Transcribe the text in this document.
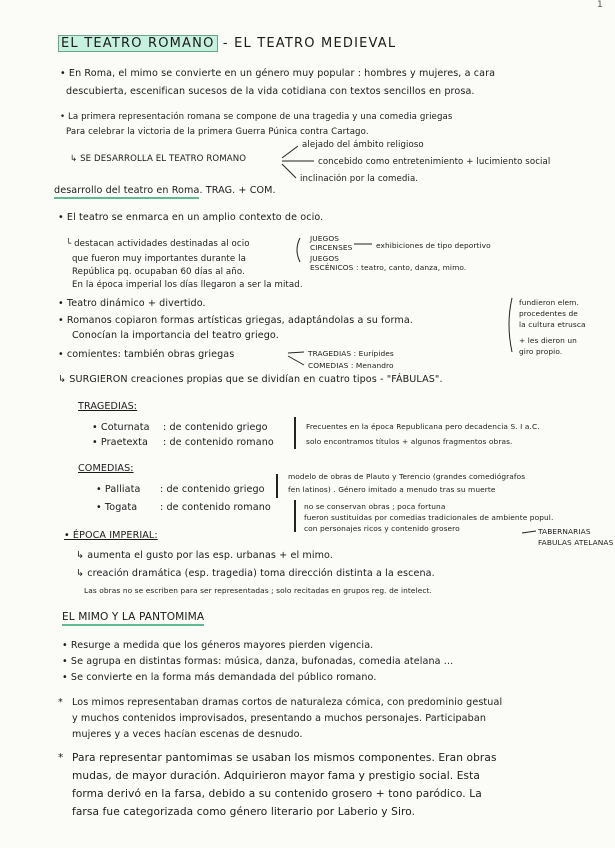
1
EL TEATRO ROMANO - EL TEATRO MEDIEVAL
• En Roma, el mimo se convierte en un género muy popular : hombres y mujeres, a cara
descubierta, escenifican sucesos de la vida cotidiana con textos sencillos en prosa.
• La primera representación romana se compone de una tragedia y una comedia griegas
Para celebrar la victoria de la primera Guerra Púnica contra Cartago.
↳ SE DESARROLLA EL TEATRO ROMANO
alejado del ámbito religioso
concebido como entretenimiento + lucimiento social
inclinación por la comedia.
desarrollo del teatro en Roma. TRAG. + COM.
• El teatro se enmarca en un amplio contexto de ocio.
└ destacan actividades destinadas al ocio
que fueron muy importantes durante la
República pq. ocupaban 60 días al año.
En la época imperial los días llegaron a ser la mitad.
JUEGOS CIRCENSES
JUEGOS ESCÉNICOS
exhibiciones de tipo deportivo
: teatro, canto, danza, mimo.
• Teatro dinámico + divertido.
• Romanos copiaron formas artísticas griegas, adaptándolas a su forma.
Conocían la importancia del teatro griego.
fundieron elem.
procedentes de
la cultura etrusca
+ les dieron un
giro propio.
• comientes: también obras griegas	TRAGEDIAS : Eurípides
COMEDIAS : Menandro
↳ SURGIERON creaciones propias que se dividían en cuatro tipos - "FÁBULAS".
TRAGEDIAS:
• Coturnata : de contenido griego
• Praetexta : de contenido romano
Frecuentes en la época Republicana pero decadencia S. I a.C.
solo encontramos títulos + algunos fragmentos obras.
COMEDIAS:
• Palliata : de contenido griego
• Togata : de contenido romano
modelo de obras de Plauto y Terencio (grandes comediógrafos
fen latinos) . Género imitado a menudo tras su muerte
no se conservan obras ; poca fortuna
fueron sustituidas por comedias tradicionales de ambiente popul.
con personajes ricos y contenido grosero	TABERNARIAS
FABULAS ATELANAS
• ÉPOCA IMPERIAL:
↳ aumenta el gusto por las esp. urbanas + el mimo.
↳ creación dramática (esp. tragedia) toma dirección distinta a la escena.
Las obras no se escriben para ser representadas ; solo recitadas en grupos reg. de intelect.
EL MIMO Y LA PANTOMIMA
• Resurge a medida que los géneros mayores pierden vigencia.
• Se agrupa en distintas formas: música, danza, bufonadas, comedia atelana ...
• Se convierte en la forma más demandada del público romano.
* Los mimos representaban dramas cortos de naturaleza cómica, con predominio gestual
y muchos contenidos improvisados, presentando a muchos personajes. Participaban
mujeres y a veces hacían escenas de desnudo.
* Para representar pantomimas se usaban los mismos componentes. Eran obras
mudas, de mayor duración. Adquirieron mayor fama y prestigio social. Esta
forma derivó en la farsa, debido a su contenido grosero + tono paródico. La
farsa fue categorizada como género literario por Laberio y Siro.
